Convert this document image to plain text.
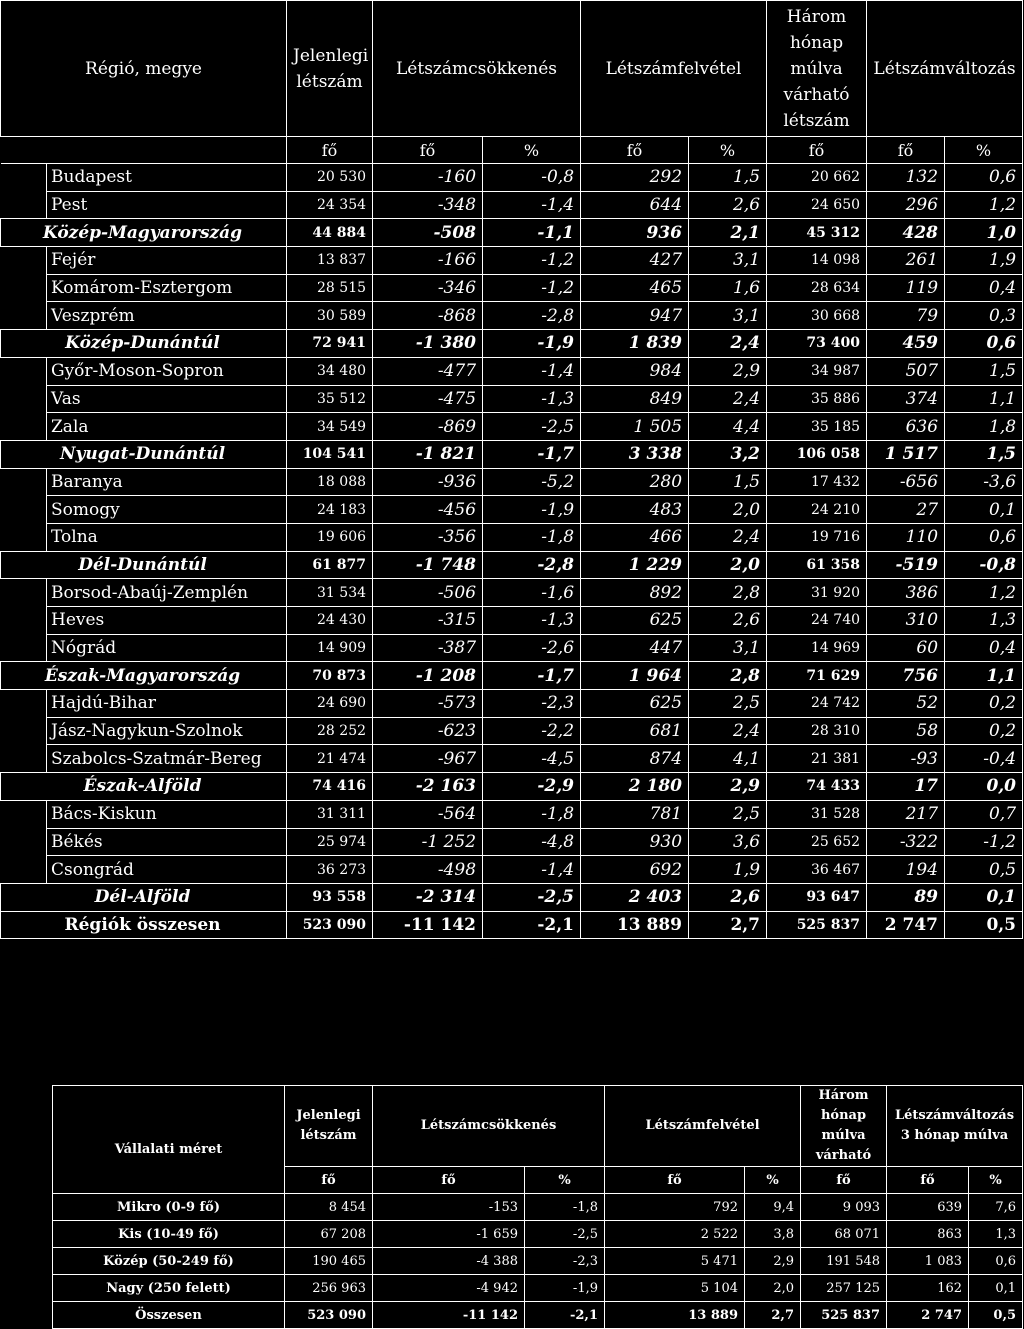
Régió, megye		Jelenlegi létszám	Létszámcsökkenés		Létszámfelvétel		Három hónap múlva várható létszám	Létszámváltozás	
		fő	fő	%	fő	%	fő	fő	%
	Budapest	20 530	-160	-0,8	292	1,5	20 662	132	0,6
	Pest	24 354	-348	-1,4	644	2,6	24 650	296	1,2
Közép-Magyarország		44 884	-508	-1,1	936	2,1	45 312	428	1,0
	Fejér	13 837	-166	-1,2	427	3,1	14 098	261	1,9
	Komárom-Esztergom	28 515	-346	-1,2	465	1,6	28 634	119	0,4
	Veszprém	30 589	-868	-2,8	947	3,1	30 668	79	0,3
Közép-Dunántúl		72 941	-1 380	-1,9	1 839	2,4	73 400	459	0,6
	Győr-Moson-Sopron	34 480	-477	-1,4	984	2,9	34 987	507	1,5
	Vas	35 512	-475	-1,3	849	2,4	35 886	374	1,1
	Zala	34 549	-869	-2,5	1 505	4,4	35 185	636	1,8
Nyugat-Dunántúl		104 541	-1 821	-1,7	3 338	3,2	106 058	1 517	1,5
	Baranya	18 088	-936	-5,2	280	1,5	17 432	-656	-3,6
	Somogy	24 183	-456	-1,9	483	2,0	24 210	27	0,1
	Tolna	19 606	-356	-1,8	466	2,4	19 716	110	0,6
Dél-Dunántúl		61 877	-1 748	-2,8	1 229	2,0	61 358	-519	-0,8
	Borsod-Abaúj-Zemplén	31 534	-506	-1,6	892	2,8	31 920	386	1,2
	Heves	24 430	-315	-1,3	625	2,6	24 740	310	1,3
	Nógrád	14 909	-387	-2,6	447	3,1	14 969	60	0,4
Észak-Magyarország		70 873	-1 208	-1,7	1 964	2,8	71 629	756	1,1
	Hajdú-Bihar	24 690	-573	-2,3	625	2,5	24 742	52	0,2
	Jász-Nagykun-Szolnok	28 252	-623	-2,2	681	2,4	28 310	58	0,2
	Szabolcs-Szatmár-Bereg	21 474	-967	-4,5	874	4,1	21 381	-93	-0,4
Észak-Alföld		74 416	-2 163	-2,9	2 180	2,9	74 433	17	0,0
	Bács-Kiskun	31 311	-564	-1,8	781	2,5	31 528	217	0,7
	Békés	25 974	-1 252	-4,8	930	3,6	25 652	-322	-1,2
	Csongrád	36 273	-498	-1,4	692	1,9	36 467	194	0,5
Dél-Alföld		93 558	-2 314	-2,5	2 403	2,6	93 647	89	0,1
Régiók összesen		523 090	-11 142	-2,1	13 889	2,7	525 837	2 747	0,5
Vállalati méret	Jelenlegi létszám	Létszámcsökkenés		Létszámfelvétel		Három hónap múlva várható	Létszámváltozás 3 hónap múlva	
	fő	fő	%	fő	%	fő	fő	%
Mikro (0-9 fő)	8 454	-153	-1,8	792	9,4	9 093	639	7,6
Kis (10-49 fő)	67 208	-1 659	-2,5	2 522	3,8	68 071	863	1,3
Közép (50-249 fő)	190 465	-4 388	-2,3	5 471	2,9	191 548	1 083	0,6
Nagy (250 felett)	256 963	-4 942	-1,9	5 104	2,0	257 125	162	0,1
Összesen	523 090	-11 142	-2,1	13 889	2,7	525 837	2 747	0,5
